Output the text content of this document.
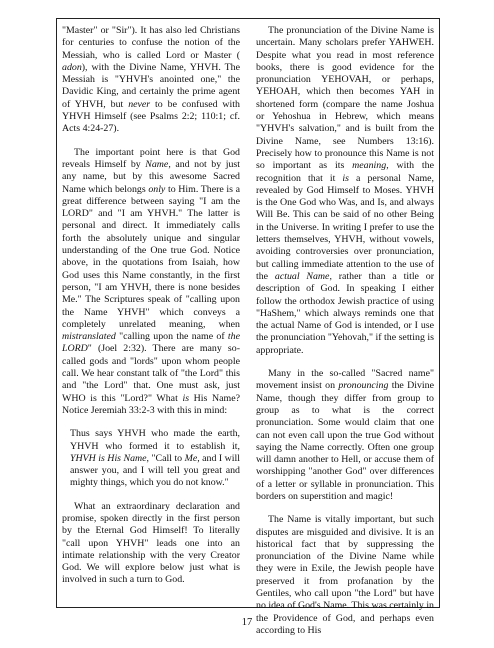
"Master" or "Sir"). It has also led Christians for centuries to confuse the notion of the Messiah, who is called Lord or Master ( adon), with the Divine Name, YHVH. The Messiah is "YHVH's anointed one," the Davidic King, and certainly the prime agent of YHVH, but never to be confused with YHVH Himself (see Psalms 2:2; 110:1; cf. Acts 4:24-27).

The important point here is that God reveals Himself by Name, and not by just any name, but by this awesome Sacred Name which belongs only to Him. There is a great difference between saying "I am the LORD" and "I am YHVH." The latter is personal and direct. It immediately calls forth the absolutely unique and singular understanding of the One true God. Notice above, in the quotations from Isaiah, how God uses this Name constantly, in the first person, "I am YHVH, there is none besides Me." The Scriptures speak of "calling upon the Name YHVH" which conveys a completely unrelated meaning, when mistranslated "calling upon the name of the LORD" (Joel 2:32). There are many so-called gods and "lords" upon whom people call. We hear constant talk of "the Lord" this and "the Lord" that. One must ask, just WHO is this "Lord?" What is His Name? Notice Jeremiah 33:2-3 with this in mind:

Thus says YHVH who made the earth, YHVH who formed it to establish it, YHVH is His Name, "Call to Me, and I will answer you, and I will tell you great and mighty things, which you do not know."

What an extraordinary declaration and promise, spoken directly in the first person by the Eternal God Himself! To literally "call upon YHVH" leads one into an intimate relationship with the very Creator God. We will explore below just what is involved in such a turn to God.

The pronunciation of the Divine Name is uncertain. Many scholars prefer YAHWEH. Despite what you read in most reference books, there is good evidence for the pronunciation YEHOVAH, or perhaps, YEHOAH, which then becomes YAH in shortened form (compare the name Joshua or Yehoshua in Hebrew, which means "YHVH's salvation," and is built from the Divine Name, see Numbers 13:16). Precisely how to pronounce this Name is not so important as its meaning, with the recognition that it is a personal Name, revealed by God Himself to Moses. YHVH is the One God who Was, and Is, and always Will Be. This can be said of no other Being in the Universe. In writing I prefer to use the letters themselves, YHVH, without vowels, avoiding controversies over pronunciation, but calling immediate attention to the use of the actual Name, rather than a title or description of God. In speaking I either follow the orthodox Jewish practice of using "HaShem," which always reminds one that the actual Name of God is intended, or I use the pronunciation "Yehovah," if the setting is appropriate.

Many in the so-called "Sacred name" movement insist on pronouncing the Divine Name, though they differ from group to group as to what is the correct pronunciation. Some would claim that one can not even call upon the true God without saying the Name correctly. Often one group will damn another to Hell, or accuse them of worshipping "another God" over differences of a letter or syllable in pronunciation. This borders on superstition and magic!

The Name is vitally important, but such disputes are misguided and divisive. It is an historical fact that by suppressing the pronunciation of the Divine Name while they were in Exile, the Jewish people have preserved it from profanation by the Gentiles, who call upon "the Lord" but have no idea of God's Name. This was certainly in the Providence of God, and perhaps even according to His

17
